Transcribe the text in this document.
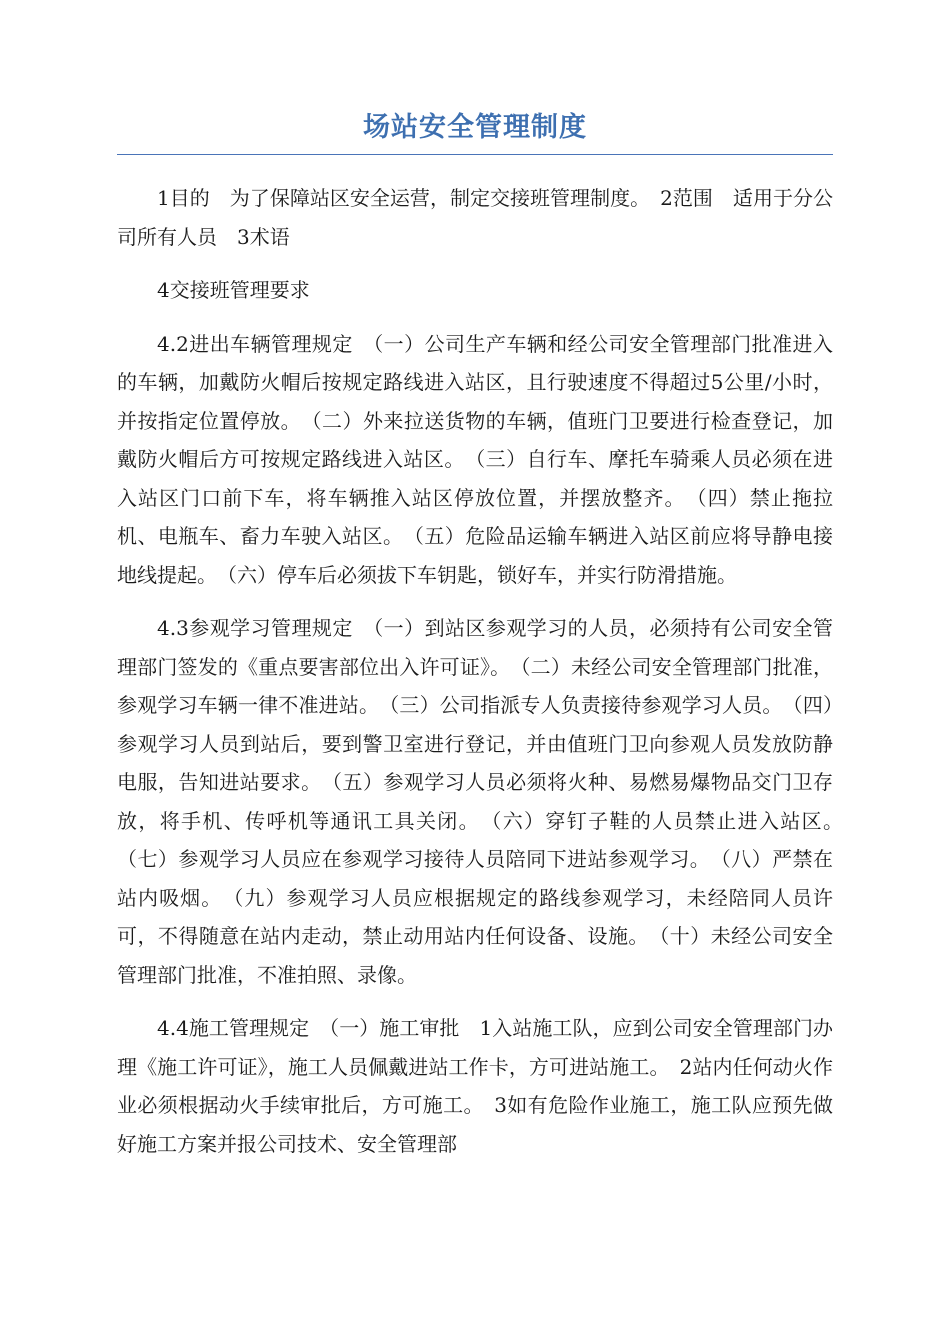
场站安全管理制度

1目的　为了保障站区安全运营，制定交接班管理制度。　2范围　适用于分公司所有人员　3术语

4交接班管理要求

4.2进出车辆管理规定　（一）公司生产车辆和经公司安全管理部门批准进入的车辆，加戴防火帽后按规定路线进入站区，且行驶速度不得超过5公里/小时，并按指定位置停放。　（二）外来拉送货物的车辆，值班门卫要进行检查登记，加戴防火帽后方可按规定路线进入站区。　（三）自行车、摩托车骑乘人员必须在进入站区门口前下车，将车辆推入站区停放位置，并摆放整齐。　（四）禁止拖拉机、电瓶车、畜力车驶入站区。　（五）危险品运输车辆进入站区前应将导静电接地线提起。　（六）停车后必须拔下车钥匙，锁好车，并实行防滑措施。

4.3参观学习管理规定　（一）到站区参观学习的人员，必须持有公司安全管理部门签发的《重点要害部位出入许可证》。　（二）未经公司安全管理部门批准，参观学习车辆一律不准进站。　（三）公司指派专人负责接待参观学习人员。　（四）参观学习人员到站后，要到警卫室进行登记，并由值班门卫向参观人员发放防静电服，告知进站要求。　（五）参观学习人员必须将火种、易燃易爆物品交门卫存放，将手机、传呼机等通讯工具关闭。　（六）穿钉子鞋的人员禁止进入站区。　（七）参观学习人员应在参观学习接待人员陪同下进站参观学习。　（八）严禁在站内吸烟。　（九）参观学习人员应根据规定的路线参观学习，未经陪同人员许可，不得随意在站内走动，禁止动用站内任何设备、设施。　（十）未经公司安全管理部门批准，不准拍照、录像。

4.4施工管理规定　（一）施工审批　1入站施工队，应到公司安全管理部门办理《施工许可证》，施工人员佩戴进站工作卡，方可进站施工。　2站内任何动火作业必须根据动火手续审批后，方可施工。　3如有危险作业施工，施工队应预先做好施工方案并报公司技术、安全管理部
